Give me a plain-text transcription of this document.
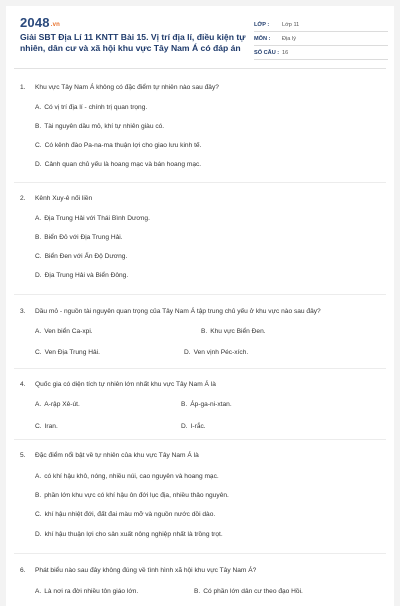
2048.vn
Giải SBT Địa Lí 11 KNTT Bài 15. Vị trí địa lí, điều kiện tự nhiên, dân cư và xã hội khu vực Tây Nam Á có đáp án
LỚP :	Lớp 11
MÔN :	Địa lý
SỐ CÂU : 16
1. Khu vực Tây Nam Á không có đặc điểm tự nhiên nào sau đây?
A. Có vị trí địa lí - chính trị quan trọng.
B. Tài nguyên dầu mỏ, khí tự nhiên giàu có.
C. Có kênh đào Pa-na-ma thuận lợi cho giao lưu kinh tế.
D. Cảnh quan chủ yếu là hoang mạc và bán hoang mạc.
2. Kênh Xuy-ê nối liền
A. Địa Trung Hải với Thái Bình Dương.
B. Biển Đỏ với Địa Trung Hải.
C. Biển Đen với Ấn Độ Dương.
D. Địa Trung Hải và Biển Đông.
3. Dầu mỏ - nguồn tài nguyên quan trọng của Tây Nam Á tập trung chủ yếu ở khu vực nào sau đây?
A. Ven biển Ca-xpi.	B. Khu vực Biển Đen.
C. Ven Địa Trung Hải.	D. Ven vịnh Péc-xích.
4. Quốc gia có diện tích tự nhiên lớn nhất khu vực Tây Nam Á là
A. A-rập Xê-út.	B. Áp-ga-ni-xtan.
C. Iran.	D. I-rắc.
5. Đặc điểm nổi bật về tự nhiên của khu vực Tây Nam Á là
A. có khí hậu khô, nóng, nhiều núi, cao nguyên và hoang mạc.
B. phần lớn khu vực có khí hậu ôn đới lục địa, nhiều thảo nguyên.
C. khí hậu nhiệt đới, đất đai màu mỡ và nguồn nước dồi dào.
D. khí hậu thuận lợi cho sản xuất nông nghiệp nhất là trồng trọt.
6. Phát biểu nào sau đây không đúng về tình hình xã hội khu vực Tây Nam Á?
A. Là nơi ra đời nhiều tôn giáo lớn.	B. Có phần lớn dân cư theo đạo Hồi.
